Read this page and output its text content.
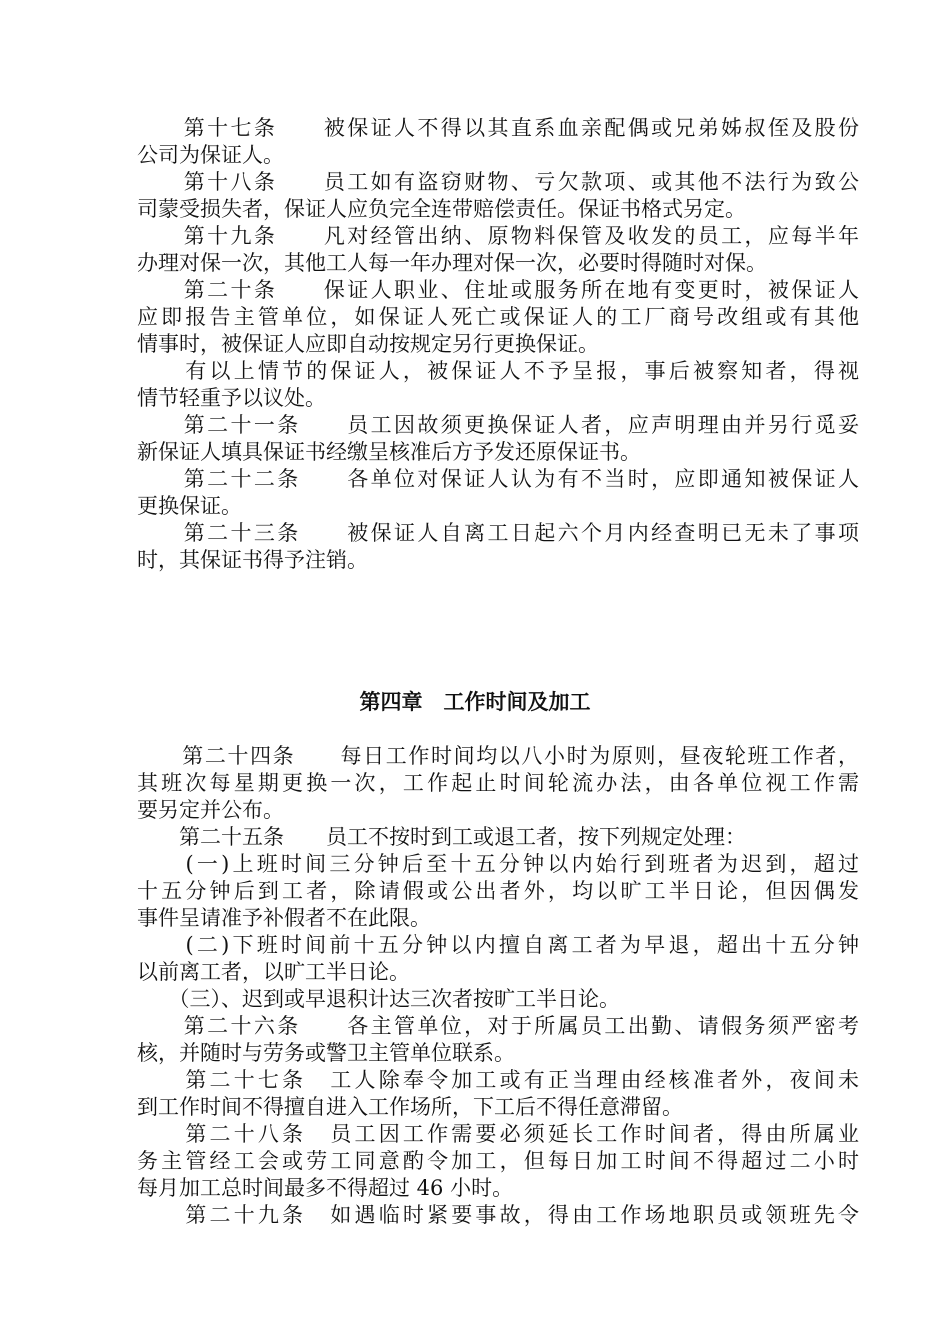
　　第十七条　　被保证人不得以其直系血亲配偶或兄弟姊叔侄及股份
公司为保证人。
　　第十八条　　员工如有盗窃财物、亏欠款项、或其他不法行为致公
司蒙受损失者，保证人应负完全连带赔偿责任。保证书格式另定。
　　第十九条　　凡对经管出纳、原物料保管及收发的员工，应每半年
办理对保一次，其他工人每一年办理对保一次，必要时得随时对保。
　　第二十条　　保证人职业、住址或服务所在地有变更时，被保证人
应即报告主管单位，如保证人死亡或保证人的工厂商号改组或有其他
情事时，被保证人应即自动按规定另行更换保证。
　　有以上情节的保证人，被保证人不予呈报，事后被察知者，得视
情节轻重予以议处。
　　第二十一条　　员工因故须更换保证人者，应声明理由并另行觅妥
新保证人填具保证书经缴呈核准后方予发还原保证书。
　　第二十二条　　各单位对保证人认为有不当时，应即通知被保证人
更换保证。
　　第二十三条　　被保证人自离工日起六个月内经查明已无未了事项
时，其保证书得予注销。
第四章　工作时间及加工
　　第二十四条　　每日工作时间均以八小时为原则，昼夜轮班工作者，
其班次每星期更换一次，工作起止时间轮流办法，由各单位视工作需
要另定并公布。
　　第二十五条　　员工不按时到工或退工者，按下列规定处理：
　　(一)上班时间三分钟后至十五分钟以内始行到班者为迟到，超过
十五分钟后到工者，除请假或公出者外，均以旷工半日论，但因偶发
事件呈请准予补假者不在此限。
　　(二)下班时间前十五分钟以内擅自离工者为早退，超出十五分钟
以前离工者，以旷工半日论。
　　（三）、迟到或早退积计达三次者按旷工半日论。
　　第二十六条　　各主管单位，对于所属员工出勤、请假务须严密考
核，并随时与劳务或警卫主管单位联系。
　　第二十七条　工人除奉令加工或有正当理由经核准者外，夜间未
到工作时间不得擅自进入工作场所，下工后不得任意滞留。
　　第二十八条　员工因工作需要必须延长工作时间者，得由所属业
务主管经工会或劳工同意酌令加工，但每日加工时间不得超过二小时
每月加工总时间最多不得超过 46 小时。
　　第二十九条　如遇临时紧要事故，得由工作场地职员或领班先令
